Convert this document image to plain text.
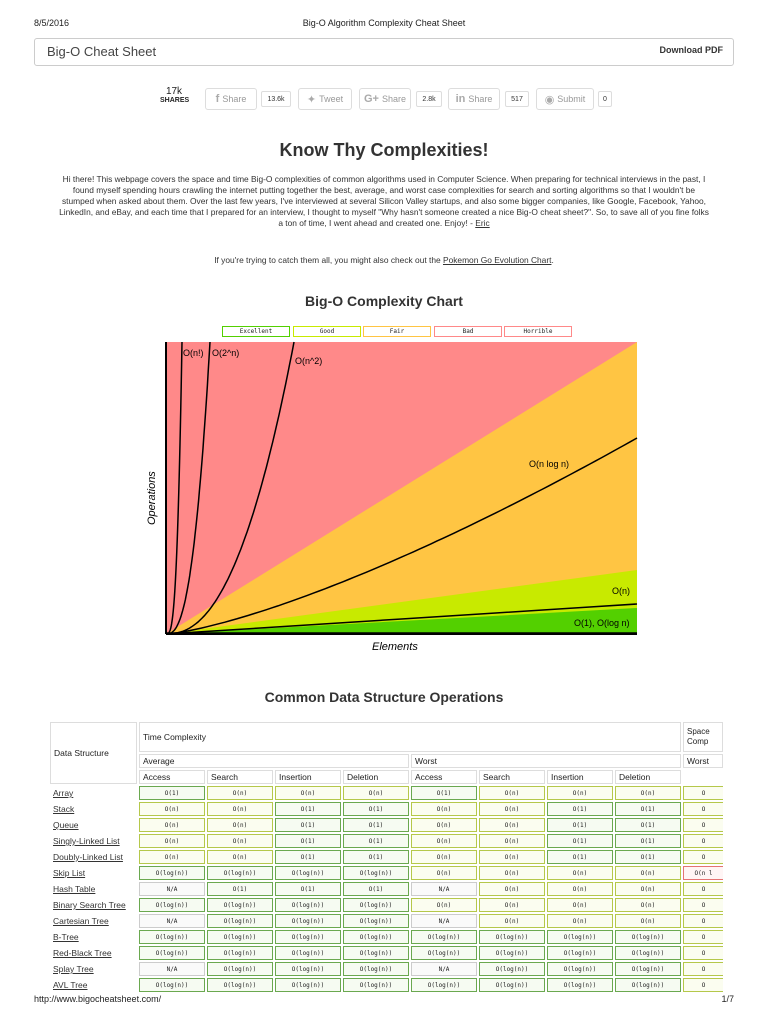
8/5/2016	Big-O Algorithm Complexity Cheat Sheet
Big-O Cheat Sheet	Download PDF
17k
SHARES f Share	13.6k	✦ Tweet G+ Share	2.8k	in Share	517	◉ Submit	0
Know Thy Complexities!
Hi there! This webpage covers the space and time Big-O complexities of common algorithms used in Computer Science. When preparing for technical interviews in the past, I found myself spending hours crawling the internet putting together the best, average, and worst case complexities for search and sorting algorithms so that I wouldn't be stumped when asked about them. Over the last few years, I've interviewed at several Silicon Valley startups, and also some bigger companies, like Google, Facebook, Yahoo, LinkedIn, and eBay, and each time that I prepared for an interview, I thought to myself "Why hasn't someone created a nice Big-O cheat sheet?". So, to save all of you fine folks a ton of time, I went ahead and created one. Enjoy! - Eric
If you're trying to catch them all, you might also check out the Pokemon Go Evolution Chart.
Big-O Complexity Chart
Excellent	Good	Fair	Bad	Horrible
O(n!) O(2^n)
O(n^2)
O(n log n)
O(n)
O(1), O(log n)
Elements
Operations
Common Data Structure Operations
Data Structure	Time Complexity								Space Comp
	Average				Worst				Worst
	Access	Search	Insertion	Deletion	Access	Search	Insertion	Deletion	
Array	O(1)	O(n)	O(n)	O(n)	O(1)	O(n)	O(n)	O(n)	O
Stack	O(n)	O(n)	O(1)	O(1)	O(n)	O(n)	O(1)	O(1)	O
Queue	O(n)	O(n)	O(1)	O(1)	O(n)	O(n)	O(1)	O(1)	O
Singly-Linked List	O(n)	O(n)	O(1)	O(1)	O(n)	O(n)	O(1)	O(1)	O
Doubly-Linked List	O(n)	O(n)	O(1)	O(1)	O(n)	O(n)	O(1)	O(1)	O
Skip List	O(log(n))	O(log(n))	O(log(n))	O(log(n))	O(n)	O(n)	O(n)	O(n)	O(n l
Hash Table	N/A	O(1)	O(1)	O(1)	N/A	O(n)	O(n)	O(n)	O
Binary Search Tree	O(log(n))	O(log(n))	O(log(n))	O(log(n))	O(n)	O(n)	O(n)	O(n)	O
Cartesian Tree	N/A	O(log(n))	O(log(n))	O(log(n))	N/A	O(n)	O(n)	O(n)	O
B-Tree	O(log(n))	O(log(n))	O(log(n))	O(log(n))	O(log(n))	O(log(n))	O(log(n))	O(log(n))	O
Red-Black Tree	O(log(n))	O(log(n))	O(log(n))	O(log(n))	O(log(n))	O(log(n))	O(log(n))	O(log(n))	O
Splay Tree	N/A	O(log(n))	O(log(n))	O(log(n))	N/A	O(log(n))	O(log(n))	O(log(n))	O
AVL Tree	O(log(n))	O(log(n))	O(log(n))	O(log(n))	O(log(n))	O(log(n))	O(log(n))	O(log(n))	O
http://www.bigocheatsheet.com/	1/7
